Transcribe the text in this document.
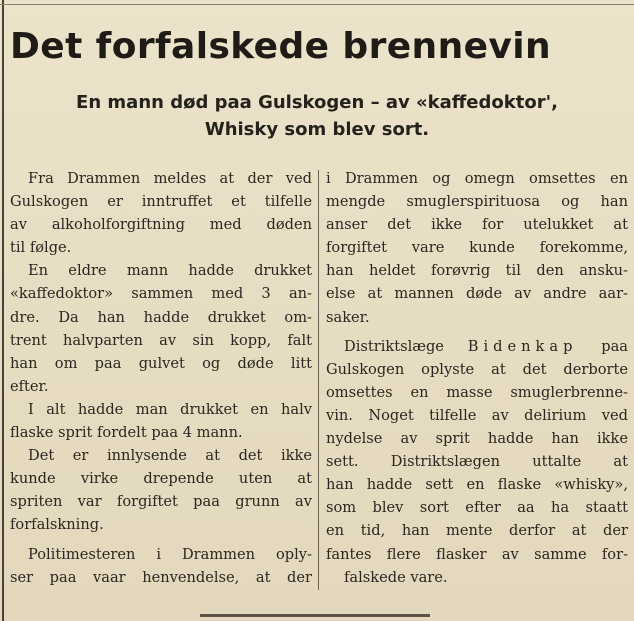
Det forfalskede brennevin
En mann død paa Gulskogen – av «kaffedoktor',
Whisky som blev sort.
Fra Drammen meldes at der ved
Gulskogen er inntruffet et tilfelle
av alkoholforgiftning med døden
til følge.
En eldre mann hadde drukket
«kaffedoktor» sammen med 3 an-
dre. Da han hadde drukket om-
trent halvparten av sin kopp, falt
han om paa gulvet og døde litt
efter.
I alt hadde man drukket en halv
flaske sprit fordelt paa 4 mann.
Det er innlysende at det ikke
kunde virke drepende uten at
spriten var forgiftet paa grunn av
forfalskning.
Politimesteren i Drammen oply-
ser paa vaar henvendelse, at der
i Drammen og omegn omsettes en
mengde smuglerspirituosa og han
anser det ikke for utelukket at
forgiftet vare kunde forekomme,
han heldet forøvrig til den ansku-
else at mannen døde av andre aar-
saker.
Distriktslæge Bidenkap paa
Gulskogen oplyste at det derborte
omsettes en masse smuglerbrenne-
vin. Noget tilfelle av delirium ved
nydelse av sprit hadde han ikke
sett. Distriktslægen uttalte at
han hadde sett en flaske «whisky»,
som blev sort efter aa ha staatt
en tid, han mente derfor at der
fantes flere flasker av samme for-
falskede vare.
